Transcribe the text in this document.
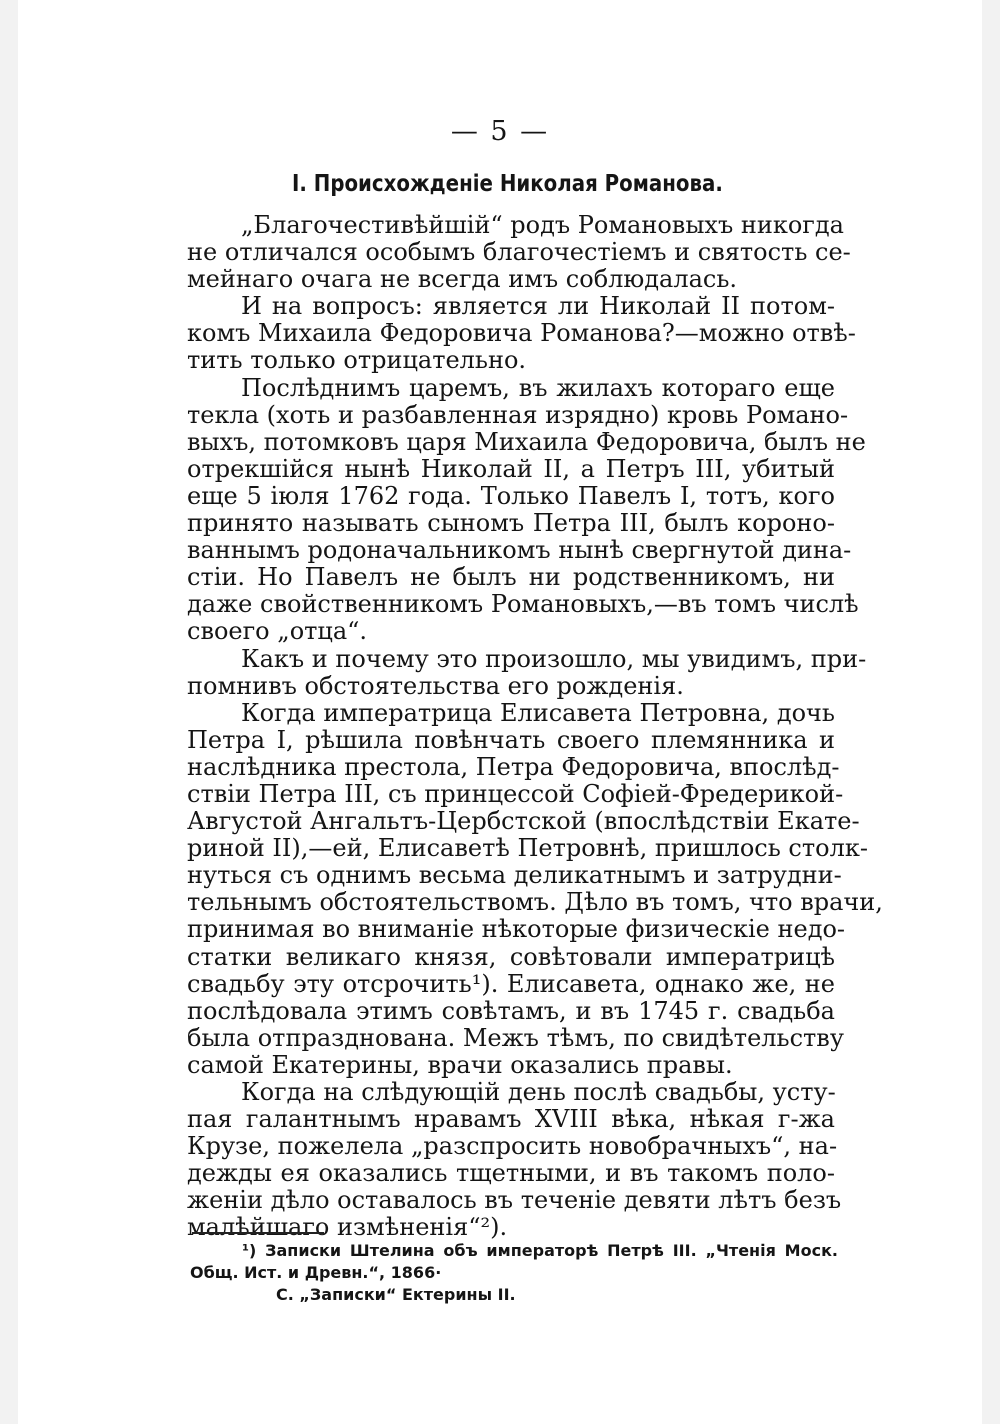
— 5 —
I. Происхожденіе Николая Романова.
„Благочестивѣйшій“ родъ Романовыхъ никогда
не отличался особымъ благочестіемъ и святость се-
мейнаго очага не всегда имъ соблюдалась.
И на вопросъ: является ли Николай II потом-
комъ Михаила Федоровича Романова?—можно отвѣ-
тить только отрицательно.
Послѣднимъ царемъ, въ жилахъ котораго еще
текла (хоть и разбавленная изрядно) кровь Романо-
выхъ, потомковъ царя Михаила Федоровича, былъ не
отрекшійся нынѣ Николай II, а Петръ III, убитый
еще 5 іюля 1762 года. Только Павелъ I, тотъ, кого
принято называть сыномъ Петра III, былъ короно-
ваннымъ родоначальникомъ нынѣ свергнутой дина-
стіи. Но Павелъ не былъ ни родственникомъ, ни
даже свойственникомъ Романовыхъ,—въ томъ числѣ
своего „отца“.
Какъ и почему это произошло, мы увидимъ, при-
помнивъ обстоятельства его рожденія.
Когда императрица Елисавета Петровна, дочь
Петра I, рѣшила повѣнчать своего племянника и
наслѣдника престола, Петра Федоровича, впослѣд-
ствіи Петра III, съ принцессой Софіей-Фредерикой-
Августой Ангальтъ-Цербстской (впослѣдствіи Екате-
риной II),—ей, Елисаветѣ Петровнѣ, пришлось столк-
нуться съ однимъ весьма деликатнымъ и затрудни-
тельнымъ обстоятельствомъ. Дѣло въ томъ, что врачи,
принимая во вниманіе нѣкоторые физическіе недо-
статки великаго князя, совѣтовали императрицѣ
свадьбу эту отсрочить¹). Елисавета, однако же, не
послѣдовала этимъ совѣтамъ, и въ 1745 г. свадьба
была отпразднована. Межъ тѣмъ, по свидѣтельству
самой Екатерины, врачи оказались правы.
Когда на слѣдующій день послѣ свадьбы, усту-
пая галантнымъ нравамъ XVIII вѣка, нѣкая г-жа
Крузе, пожелела „разспросить новобрачныхъ“, на-
дежды ея оказались тщетными, и въ такомъ поло-
женіи дѣло оставалось въ теченіе девяти лѣтъ безъ
малѣйшаго измѣненія“²).
¹) Записки Штелина объ императорѣ Петрѣ III. „Чтенія Моск.
Общ. Ист. и Древн.“, 1866·
С. „Записки“ Ектерины II.
